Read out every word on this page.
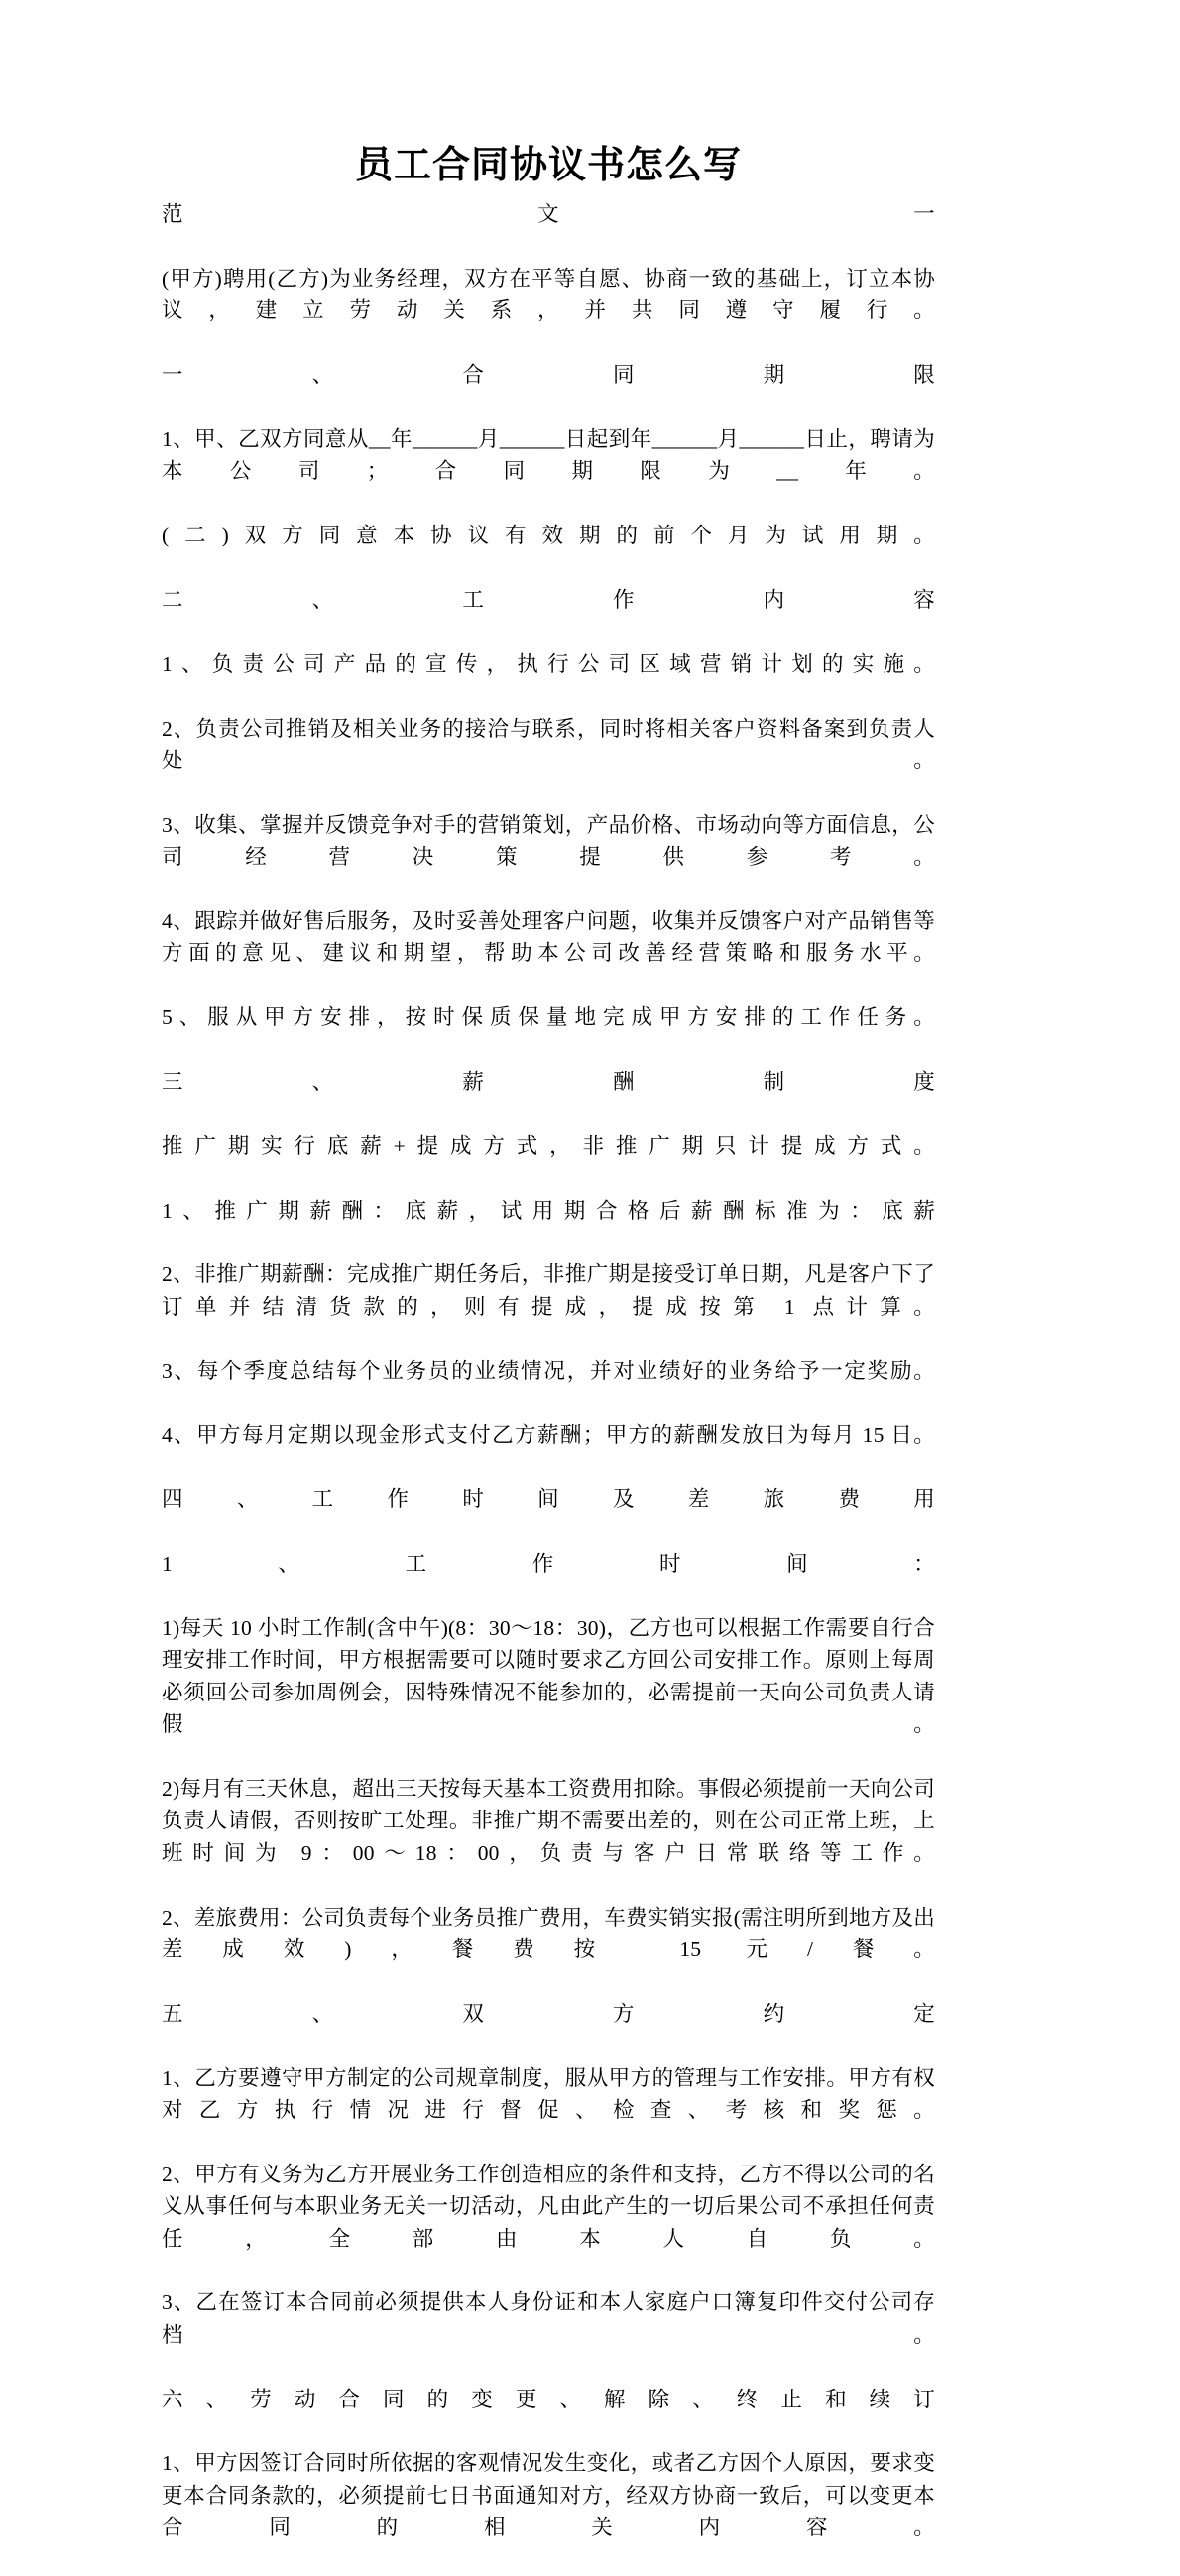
员工合同协议书怎么写

范文一

(甲方)聘用(乙方)为业务经理，双方在平等自愿、协商一致的基础上，订立本协议，建立劳动关系，并共同遵守履行。

一、合同期限

1、甲、乙双方同意从__年______月______日起到年______月______日止，聘请为本公司；合同期限为__年。

(二)双方同意本协议有效期的前个月为试用期。

二、工作内容

1、负责公司产品的宣传，执行公司区域营销计划的实施。

2、负责公司推销及相关业务的接洽与联系，同时将相关客户资料备案到负责人处。

3、收集、掌握并反馈竞争对手的营销策划，产品价格、市场动向等方面信息，公司经营决策提供参考。

4、跟踪并做好售后服务，及时妥善处理客户问题，收集并反馈客户对产品销售等方面的意见、建议和期望，帮助本公司改善经营策略和服务水平。

5、服从甲方安排，按时保质保量地完成甲方安排的工作任务。

三、薪酬制度

推广期实行底薪+提成方式，非推广期只计提成方式。

1、推广期薪酬：底薪，试用期合格后薪酬标准为：底薪

2、非推广期薪酬：完成推广期任务后，非推广期是接受订单日期，凡是客户下了订单并结清货款的，则有提成，提成按第 1 点计算。

3、每个季度总结每个业务员的业绩情况，并对业绩好的业务给予一定奖励。

4、甲方每月定期以现金形式支付乙方薪酬；甲方的薪酬发放日为每月 15 日。

四、工作时间及差旅费用

1、工作时间：

1)每天 10 小时工作制(含中午)(8：30～18：30)，乙方也可以根据工作需要自行合理安排工作时间，甲方根据需要可以随时要求乙方回公司安排工作。原则上每周必须回公司参加周例会，因特殊情况不能参加的，必需提前一天向公司负责人请假。

2)每月有三天休息，超出三天按每天基本工资费用扣除。事假必须提前一天向公司负责人请假，否则按旷工处理。非推广期不需要出差的，则在公司正常上班，上班时间为 9：00～18：00，负责与客户日常联络等工作。

2、差旅费用：公司负责每个业务员推广费用，车费实销实报(需注明所到地方及出差成效)，餐费按 15 元/餐。

五、双方约定

1、乙方要遵守甲方制定的公司规章制度，服从甲方的管理与工作安排。甲方有权对乙方执行情况进行督促、检查、考核和奖惩。

2、甲方有义务为乙方开展业务工作创造相应的条件和支持，乙方不得以公司的名义从事任何与本职业务无关一切活动，凡由此产生的一切后果公司不承担任何责任，全部由本人自负。

3、乙在签订本合同前必须提供本人身份证和本人家庭户口簿复印件交付公司存档。

六、劳动合同的变更、解除、终止和续订

1、甲方因签订合同时所依据的客观情况发生变化，或者乙方因个人原因，要求变更本合同条款的，必须提前七日书面通知对方，经双方协商一致后，可以变更本合同的相关内容。
